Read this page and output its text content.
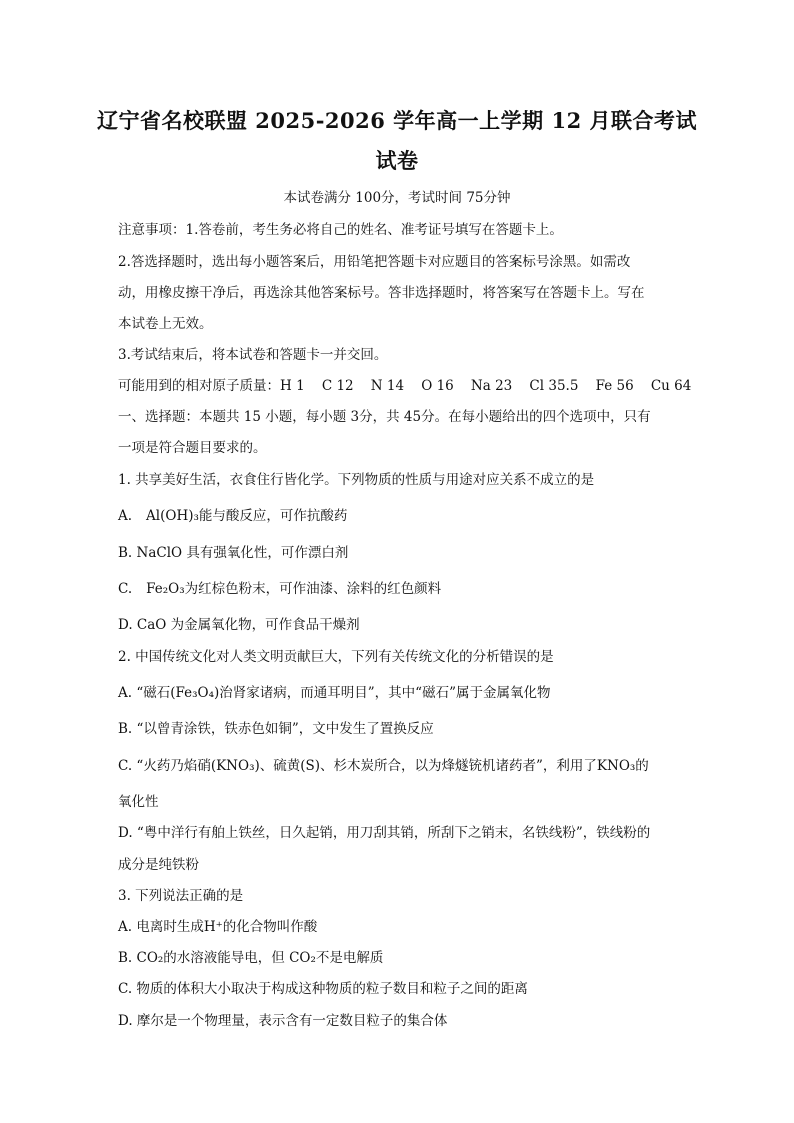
辽宁省名校联盟 2025-2026 学年高一上学期 12 月联合考试
试卷
本试卷满分 100分，考试时间 75分钟
注意事项：1.答卷前，考生务必将自己的姓名、准考证号填写在答题卡上。
2.答选择题时，选出每小题答案后，用铅笔把答题卡对应题目的答案标号涂黑。如需改
动，用橡皮擦干净后，再选涂其他答案标号。答非选择题时，将答案写在答题卡上。写在
本试卷上无效。
3.考试结束后，将本试卷和答题卡一并交回。
可能用到的相对原子质量：H 1    C 12    N 14    O 16    Na 23    Cl 35.5    Fe 56    Cu 64
一、选择题：本题共 15 小题，每小题 3分，共 45分。在每小题给出的四个选项中，只有
一项是符合题目要求的。
1. 共享美好生活，衣食住行皆化学。下列物质的性质与用途对应关系不成立的是
A. Al(OH)₃能与酸反应，可作抗酸药
B. NaClO 具有强氧化性，可作漂白剂
C. Fe₂O₃为红棕色粉末，可作油漆、涂料的红色颜料
D. CaO 为金属氧化物，可作食品干燥剂
2. 中国传统文化对人类文明贡献巨大，下列有关传统文化的分析错误的是
A. “磁石(Fe₃O₄)治肾家诸病，而通耳明目”，其中“磁石”属于金属氧化物
B. “以曾青涂铁，铁赤色如铜”，文中发生了置换反应
C. “火药乃焰硝(KNO₃)、硫黄(S)、杉木炭所合，以为烽燧铳机诸药者”，利用了KNO₃的
氧化性
D. “粤中洋行有舶上铁丝，日久起销，用刀刮其销，所刮下之销末，名铁线粉”，铁线粉的
成分是纯铁粉
3. 下列说法正确的是
A. 电离时生成H⁺的化合物叫作酸
B. CO₂的水溶液能导电，但 CO₂不是电解质
C. 物质的体积大小取决于构成这种物质的粒子数目和粒子之间的距离
D. 摩尔是一个物理量，表示含有一定数目粒子的集合体
